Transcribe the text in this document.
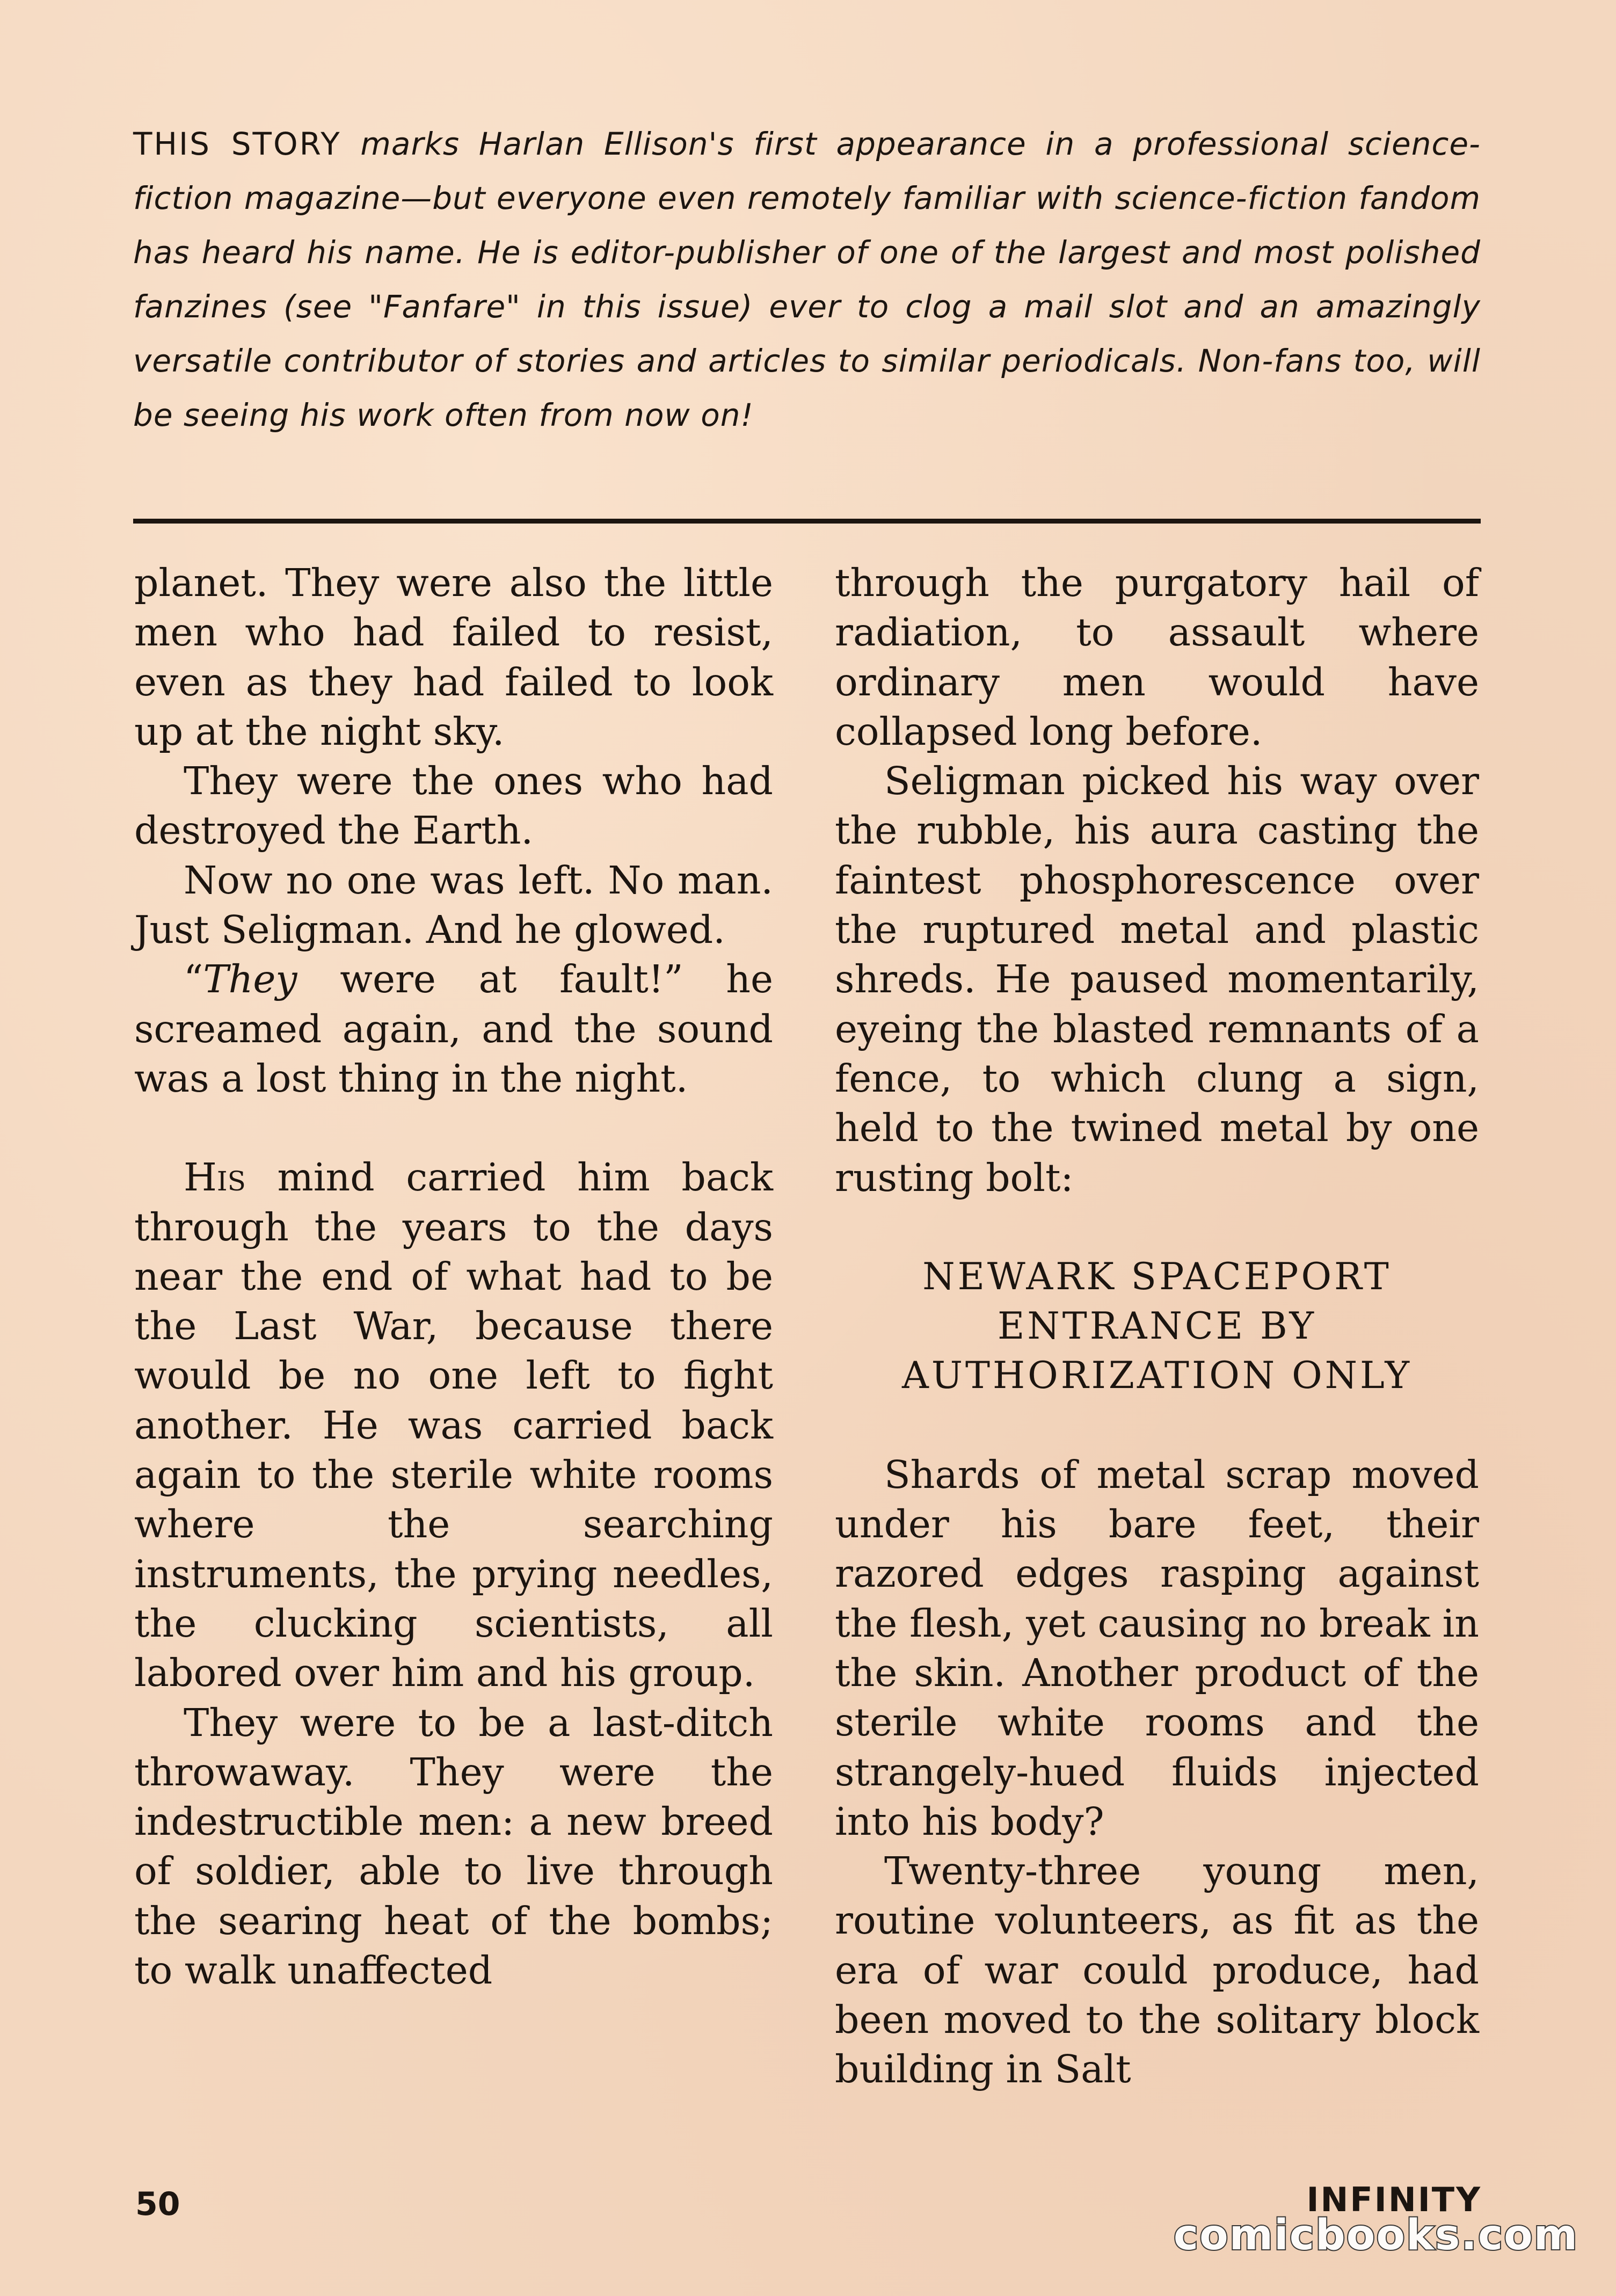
THIS STORY marks Harlan Ellison's first appearance in a professional science-fiction magazine—but everyone even remotely familiar with science-fiction fandom has heard his name. He is editor-publisher of one of the largest and most polished fanzines (see "Fanfare" in this issue) ever to clog a mail slot and an amazingly versatile contributor of stories and articles to similar periodicals. Non-fans too, will be seeing his work often from now on!

planet. They were also the little men who had failed to resist, even as they had failed to look up at the night sky.

They were the ones who had destroyed the Earth.

Now no one was left. No man. Just Seligman. And he glowed.

“They were at fault!” he screamed again, and the sound was a lost thing in the night.

His mind carried him back through the years to the days near the end of what had to be the Last War, because there would be no one left to fight another. He was carried back again to the sterile white rooms where the searching instruments, the prying needles, the clucking scientists, all labored over him and his group.

They were to be a last-ditch throwaway. They were the indestructible men: a new breed of soldier, able to live through the searing heat of the bombs; to walk unaffected

through the purgatory hail of radiation, to assault where ordinary men would have collapsed long before.

Seligman picked his way over the rubble, his aura casting the faintest phosphorescence over the ruptured metal and plastic shreds. He paused momentarily, eyeing the blasted remnants of a fence, to which clung a sign, held to the twined metal by one rusting bolt:

NEWARK SPACEPORT
ENTRANCE BY
AUTHORIZATION ONLY

Shards of metal scrap moved under his bare feet, their razored edges rasping against the flesh, yet causing no break in the skin. Another product of the sterile white rooms and the strangely-hued fluids injected into his body?

Twenty-three young men, routine volunteers, as fit as the era of war could produce, had been moved to the solitary block building in Salt

50	INFINITY
comicbooks.com
